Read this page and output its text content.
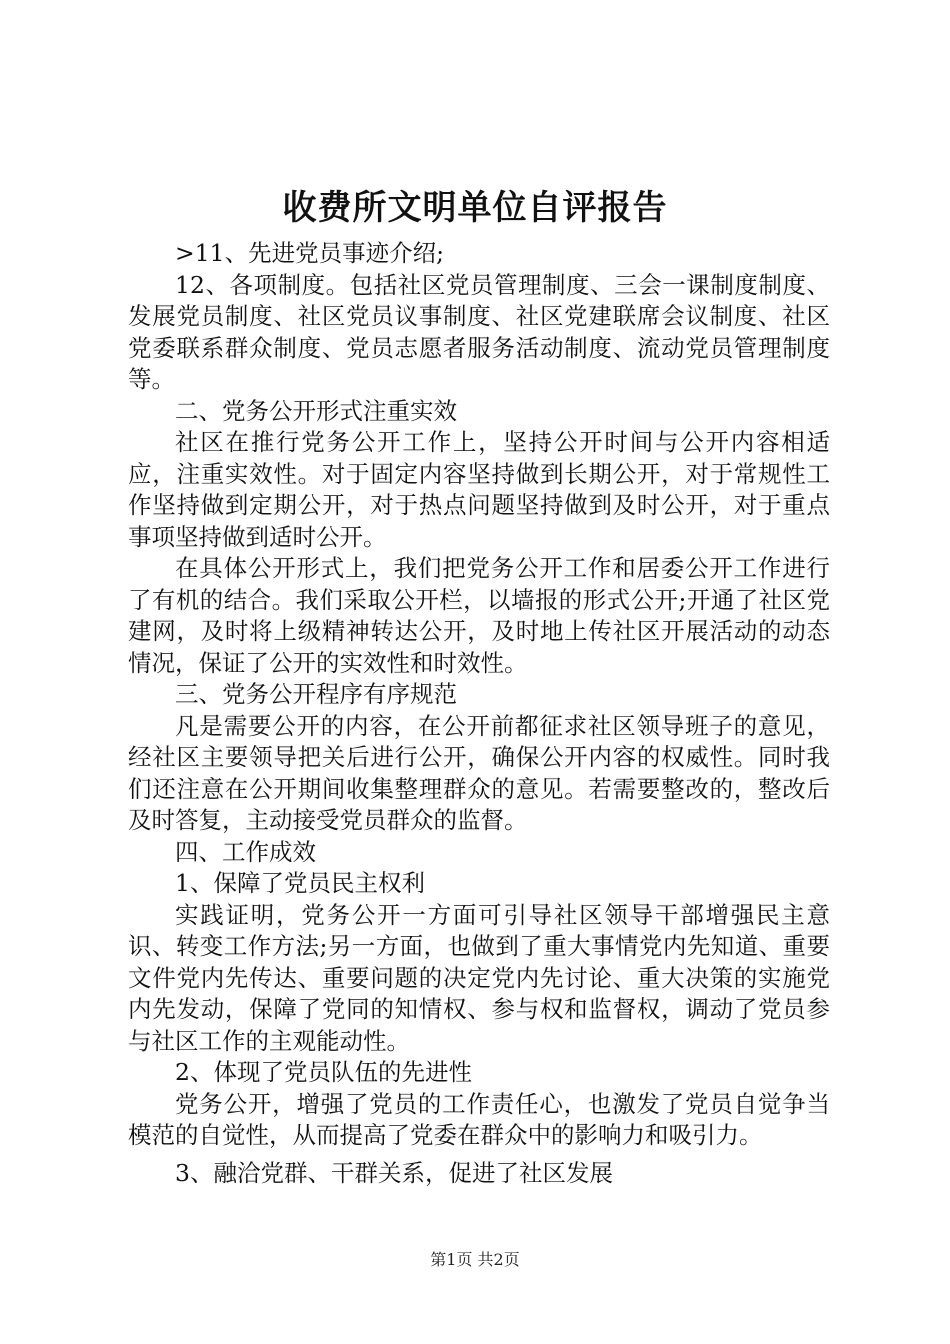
收费所文明单位自评报告

>11、先进党员事迹介绍;

12、各项制度。包括社区党员管理制度、三会一课制度制度、发展党员制度、社区党员议事制度、社区党建联席会议制度、社区党委联系群众制度、党员志愿者服务活动制度、流动党员管理制度等。

二、党务公开形式注重实效

社区在推行党务公开工作上，坚持公开时间与公开内容相适应，注重实效性。对于固定内容坚持做到长期公开，对于常规性工作坚持做到定期公开，对于热点问题坚持做到及时公开，对于重点事项坚持做到适时公开。

在具体公开形式上，我们把党务公开工作和居委公开工作进行了有机的结合。我们采取公开栏，以墙报的形式公开;开通了社区党建网，及时将上级精神转达公开，及时地上传社区开展活动的动态情况，保证了公开的实效性和时效性。

三、党务公开程序有序规范

凡是需要公开的内容，在公开前都征求社区领导班子的意见，经社区主要领导把关后进行公开，确保公开内容的权威性。同时我们还注意在公开期间收集整理群众的意见。若需要整改的，整改后及时答复，主动接受党员群众的监督。

四、工作成效

1、保障了党员民主权利

实践证明，党务公开一方面可引导社区领导干部增强民主意识、转变工作方法;另一方面，也做到了重大事情党内先知道、重要文件党内先传达、重要问题的决定党内先讨论、重大决策的实施党内先发动，保障了党同的知情权、参与权和监督权，调动了党员参与社区工作的主观能动性。

2、体现了党员队伍的先进性

党务公开，增强了党员的工作责任心，也激发了党员自觉争当模范的自觉性，从而提高了党委在群众中的影响力和吸引力。

3、融洽党群、干群关系，促进了社区发展

第1页 共2页
